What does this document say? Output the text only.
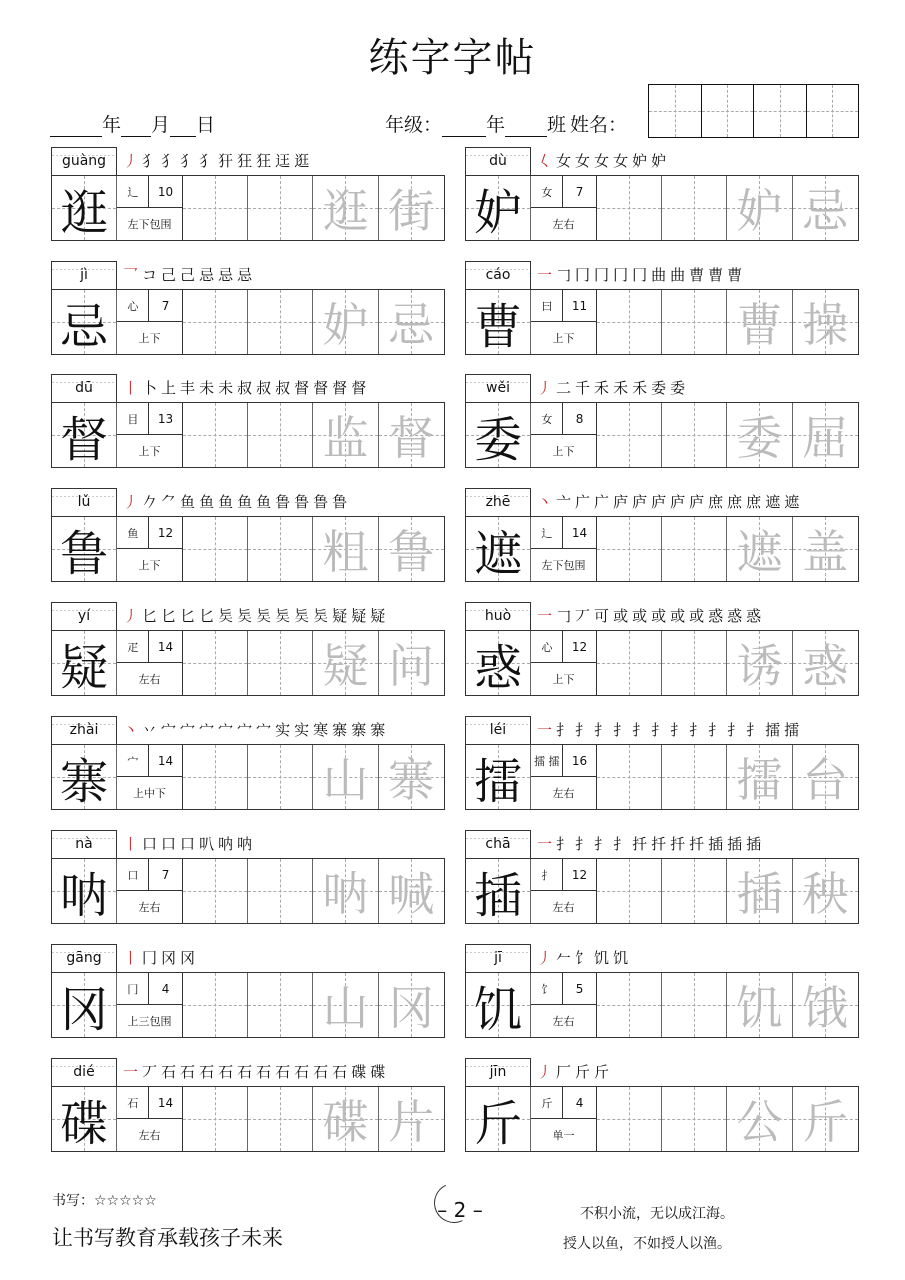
练字字帖
年 月 日	年级： 年 班 姓名：
guàng	丿 犭 犭 犭 犭 犴 狂 狂 迋 逛
逛	辶	10
左下包围	逛 街
dù	𡿨 女 女 女 女 妒 妒
妒	女	7
左右	妒 忌
jì	乛 コ 己 己 忌 忌 忌
忌	心	7
上下	妒 忌
cáo	一 𠃌 冂 冂 冂 冂 曲 曲 曹 曹 曹
曹	曰	11
上下	曹 操
dū	丨 卜 上 丰 未 未 叔 叔 叔 督 督 督 督
督	目	13
上下	监 督
wěi	丿 二 千 禾 禾 禾 委 委
委	女	8
上下	委 屈
lǔ	丿 𠂊 ⺈ 鱼 鱼 鱼 鱼 鱼 鲁 鲁 鲁 鲁
鲁	鱼	12
上下	粗 鲁
zhē	丶 亠 广 广 庐 庐 庐 庐 庐 庶 庶 庶 遮 遮
遮	辶	14
左下包围	遮 盖
yí	丿 匕 匕 匕 匕 𠤕 𠤕 𠤕 𠤕 𠤕 𠤕 疑 疑 疑
疑	疋	14
左右	疑 问
huò	一 𠃌 丆 可 或 或 或 或 或 惑 惑 惑
惑	心	12
上下	诱 惑
zhài	丶 丷 宀 宀 宀 宀 宀 宀 实 实 寒 寨 寨 寨
寨	宀	14
上中下	山 寨
léi	一 扌 扌 扌 扌 扌 扌 扌 扌 扌 扌 扌 擂 擂
擂	擂 擂	16
左右	擂 台
nà	丨 口 口 口 叭 呐 呐
呐	口	7
左右	呐 喊
chā	一 扌 扌 扌 扌 扦 扦 扦 扦 插 插 插
插	扌	12
左右	插 秧
gāng	丨 冂 冈 冈
冈	冂	4
上三包围	山 冈
jī	丿 𠂉 饣 饥 饥
饥	饣	5
左右	饥 饿
dié	一 丆 石 石 石 石 石 石 石 石 石 石 碟 碟
碟	石	14
左右	碟 片
jīn	丿 厂 斤 斤
斤	斤	4
单一	公 斤
书写：☆☆☆☆☆
让书写教育承载孩子未来
– 2 –	不积小流，无以成江海。
授人以鱼，不如授人以渔。
